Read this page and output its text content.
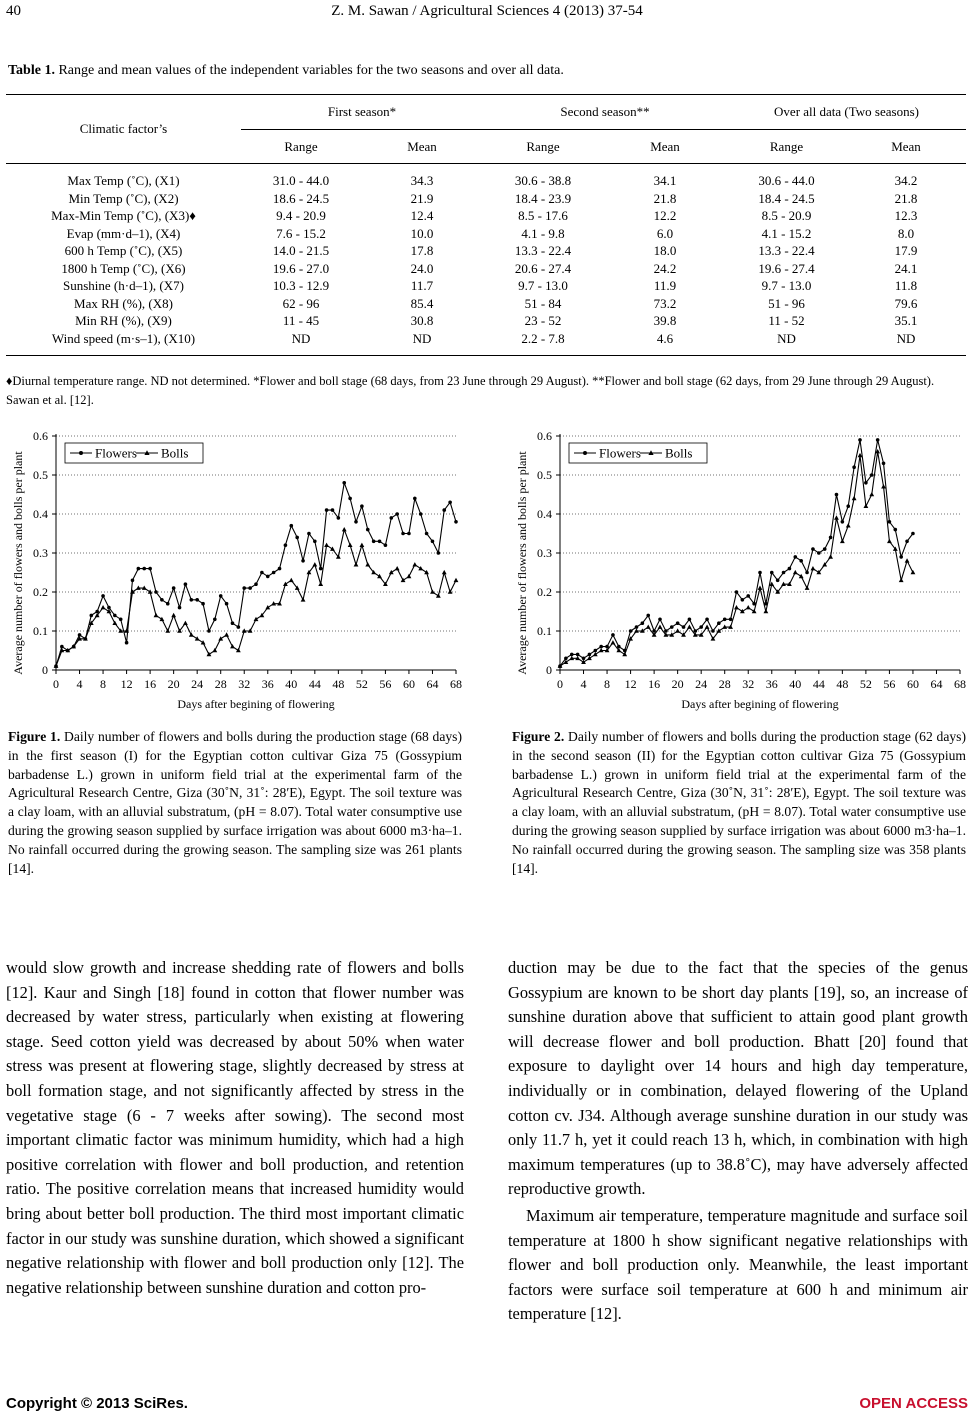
40	Z. M. Sawan / Agricultural Sciences 4 (2013) 37-54
Table 1. Range and mean values of the independent variables for the two seasons and over all data.
Climatic factor’s	First season*		Second season**		Over all data (Two seasons)	
	Range	Mean	Range	Mean	Range	Mean

Max Temp (˚C), (X1)	31.0 - 44.0	34.3	30.6 - 38.8	34.1	30.6 - 44.0	34.2
Min Temp (˚C), (X2)	18.6 - 24.5	21.9	18.4 - 23.9	21.8	18.4 - 24.5	21.8
Max-Min Temp (˚C), (X3)♦	9.4 - 20.9	12.4	8.5 - 17.6	12.2	8.5 - 20.9	12.3
Evap (mm·d–1), (X4)	7.6 - 15.2	10.0	4.1 - 9.8	6.0	4.1 - 15.2	8.0
600 h Temp (˚C), (X5)	14.0 - 21.5	17.8	13.3 - 22.4	18.0	13.3 - 22.4	17.9
1800 h Temp (˚C), (X6)	19.6 - 27.0	24.0	20.6 - 27.4	24.2	19.6 - 27.4	24.1
Sunshine (h·d–1), (X7)	10.3 - 12.9	11.7	9.7 - 13.0	11.9	9.7 - 13.0	11.8
Max RH (%), (X8)	62 - 96	85.4	51 - 84	73.2	51 - 96	79.6
Min RH (%), (X9)	11 - 45	30.8	23 - 52	39.8	11 - 52	35.1
Wind speed (m·s–1), (X10)	ND	ND	2.2 - 7.8	4.6	ND	ND

♦Diurnal temperature range. ND not determined. *Flower and boll stage (68 days, from 23 June through 29 August). **Flower and boll stage (62 days, from 29 June through 29 August). Sawan et al. [12].
0
0.1
0.2
0.3
0.4
0.5
0.6
0 4 8 12 16 20 24 28 32 36 40 44 48 52 56 60 64 68
Days after begining of flowering
Average number of flowers and bolls per plant	Flowers Bolls
0
0.1
0.2
0.3
0.4
0.5
0.6
0 4 8 12 16 20 24 28 32 36 40 44 48 52 56 60 64 68
Days after begining of flowering
Average number of flowers and bolls per plant	Flowers Bolls
Figure 1. Daily number of flowers and bolls during the production stage (68 days) in the first season (I) for the Egyptian cotton cultivar Giza 75 (Gossypium barbadense L.) grown in uniform field trial at the experimental farm of the Agricultural Research Centre, Giza (30˚N, 31˚: 28′E), Egypt. The soil texture was a clay loam, with an alluvial substratum, (pH = 8.07). Total water consumptive use during the growing season supplied by surface irrigation was about 6000 m3·ha–1. No rainfall occurred during the growing season. The sampling size was 261 plants [14].
Figure 2. Daily number of flowers and bolls during the production stage (62 days) in the second season (II) for the Egyptian cotton cultivar Giza 75 (Gossypium barbadense L.) grown in uniform field trial at the experimental farm of the Agricultural Research Centre, Giza (30˚N, 31˚: 28′E), Egypt. The soil texture was a clay loam, with an alluvial substratum, (pH = 8.07). Total water consumptive use during the growing season supplied by surface irrigation was about 6000 m3·ha–1. No rainfall occurred during the growing season. The sampling size was 358 plants [14].

would slow growth and increase shedding rate of flowers and bolls [12]. Kaur and Singh [18] found in cotton that flower number was decreased by water stress, particularly when existing at flowering stage. Seed cotton yield was decreased by about 50% when water stress was present at flowering stage, slightly decreased by stress at boll formation stage, and not significantly affected by stress in the vegetative stage (6 - 7 weeks after sowing). The second most important climatic factor was minimum humidity, which had a high positive correlation with flower and boll production, and retention ratio. The positive correlation means that increased humidity would bring about better boll production. The third most important climatic factor in our study was sunshine duration, which showed a significant negative relationship with flower and boll production only [12]. The negative relationship between sunshine duration and cotton pro-

duction may be due to the fact that the species of the genus Gossypium are known to be short day plants [19], so, an increase of sunshine duration above that sufficient to attain good plant growth will decrease flower and boll production. Bhatt [20] found that exposure to daylight over 14 hours and high day temperature, individually or in combination, delayed flowering of the Upland cotton cv. J34. Although average sunshine duration in our study was only 11.7 h, yet it could reach 13 h, which, in combination with high maximum temperatures (up to 38.8˚C), may have adversely affected reproductive growth.

Maximum air temperature, temperature magnitude and surface soil temperature at 1800 h show significant negative relationships with flower and boll production only. Meanwhile, the least important factors were surface soil temperature at 600 h and minimum air temperature [12].

Copyright © 2013 SciRes.	OPEN ACCESS
